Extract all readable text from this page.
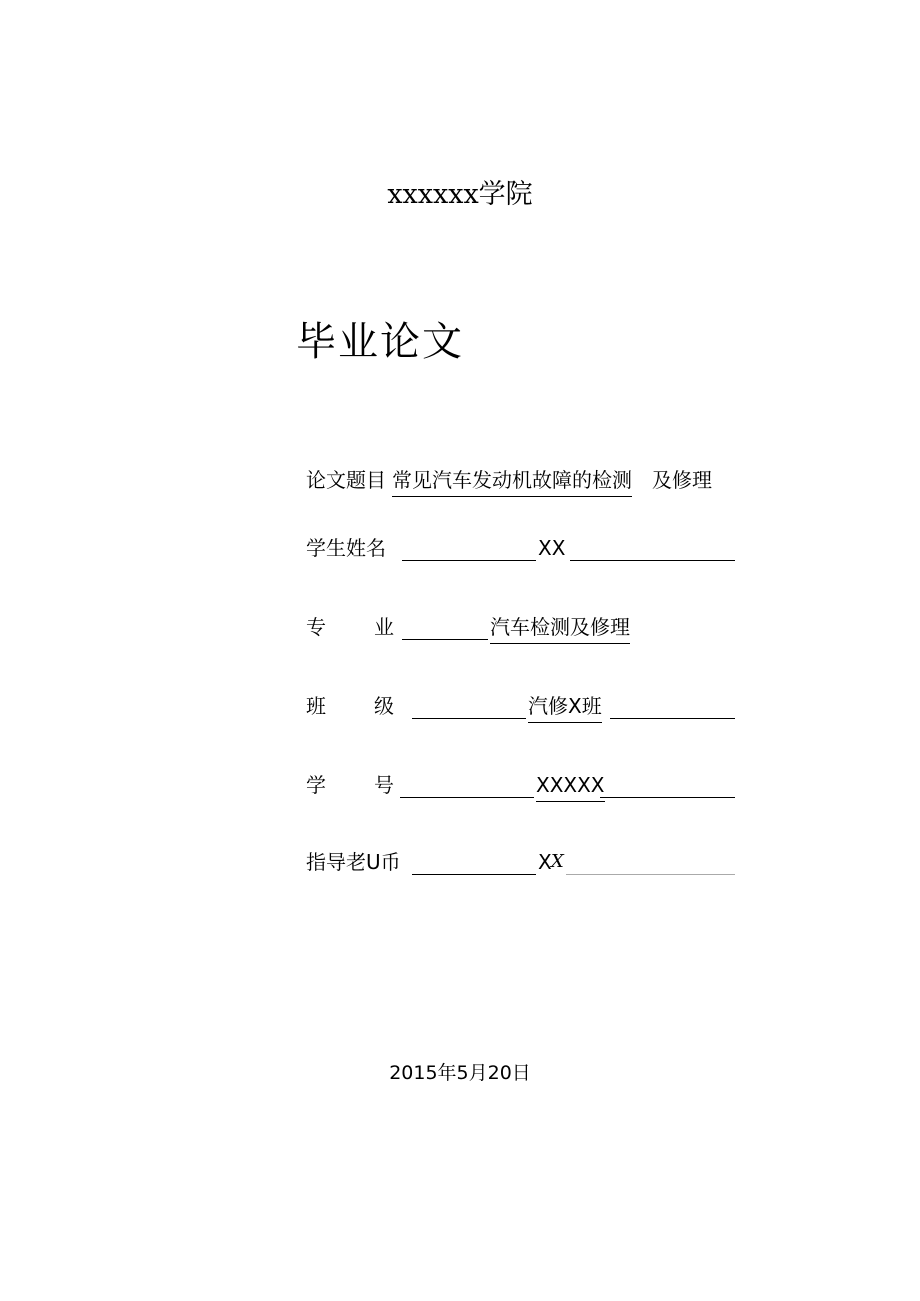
xxxxxx学院
毕业论文
论文题目 常见汽车发动机故障的检测 及修理
学生姓名	XX
专 业	汽车检测及修理
班 级	汽修X班
学 号	XXXXX
指导老U币	X X
2015年5月20日
